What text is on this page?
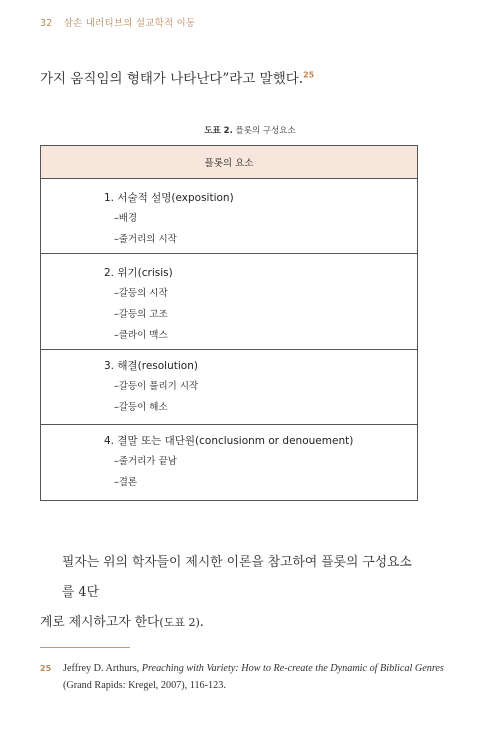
32 삼손 내러티브의 설교학적 이동
가지 움직임의 형태가 나타난다”라고 말했다.$^{25}$
도표 2. 플롯의 구성요소
플롯의 요소
1. 서술적 설명(exposition)
–배경
–줄거리의 시작
2. 위기(crisis)
–갈등의 시작
–갈등의 고조
–클라이 맥스
3. 해결(resolution)
–갈등이 풀리기 시작
–갈등이 해소
4. 결말 또는 대단원(conclusionm or denouement)
–줄거리가 끝남
–결론
필자는 위의 학자들이 제시한 이론을 참고하여 플롯의 구성요소를 4단
계로 제시하고자 한다(도표 2).
25 Jeffrey D. Arthurs, Preaching with Variety: How to Re-create the Dynamic of Biblical Genres
(Grand Rapids: Kregel, 2007), 116-123.
